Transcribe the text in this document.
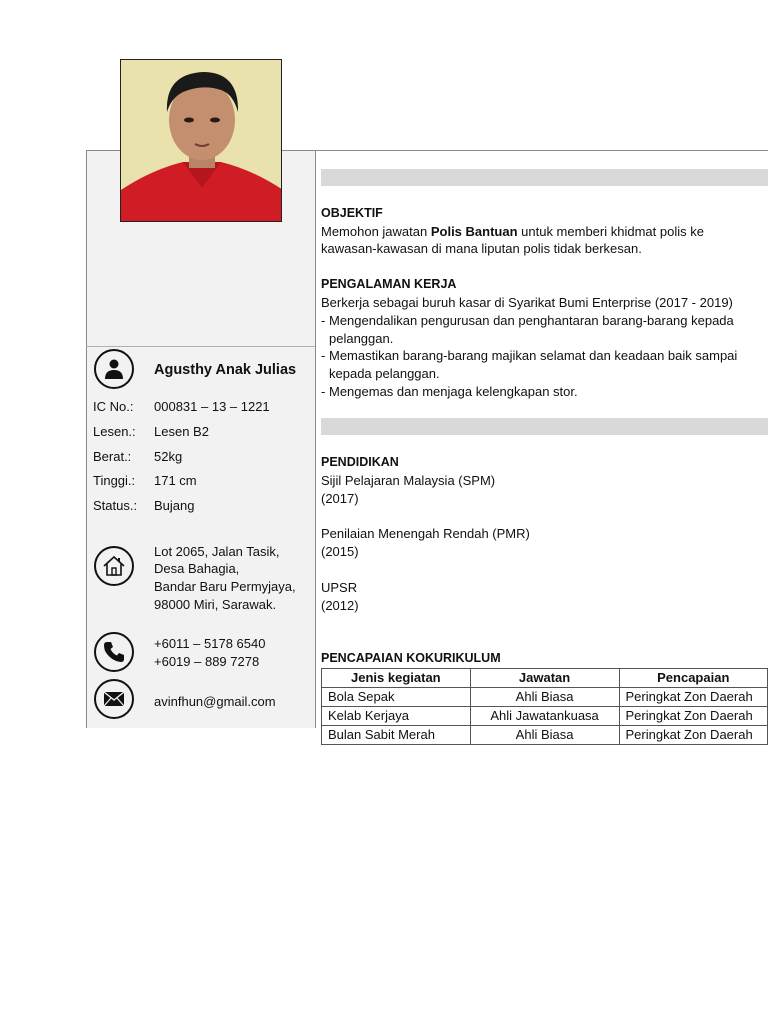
Agusthy Anak Julias
IC No.: 000831 – 13 – 1221
Lesen.: Lesen B2
Berat.: 52kg
Tinggi.: 171 cm
Status.: Bujang
Lot 2065, Jalan Tasik,
Desa Bahagia,
Bandar Baru Permyjaya,
98000 Miri, Sarawak.
+6011 – 5178 6540
+6019 – 889 7278
avinfhun@gmail.com
OBJEKTIF
Memohon jawatan Polis Bantuan untuk memberi khidmat polis ke
kawasan-kawasan di mana liputan polis tidak berkesan.
PENGALAMAN KERJA
Berkerja sebagai buruh kasar di Syarikat Bumi Enterprise (2017 - 2019)
- Mengendalikan pengurusan dan penghantaran barang-barang kepada
pelanggan.
- Memastikan barang-barang majikan selamat dan keadaan baik sampai
kepada pelanggan.
- Mengemas dan menjaga kelengkapan stor.
PENDIDIKAN
Sijil Pelajaran Malaysia (SPM)
(2017)
Penilaian Menengah Rendah (PMR)
(2015)
UPSR
(2012)
PENCAPAIAN KOKURIKULUM
Jenis kegiatan	Jawatan	Pencapaian
Bola Sepak	Ahli Biasa	Peringkat Zon Daerah
Kelab Kerjaya	Ahli Jawatankuasa	Peringkat Zon Daerah
Bulan Sabit Merah	Ahli Biasa	Peringkat Zon Daerah
